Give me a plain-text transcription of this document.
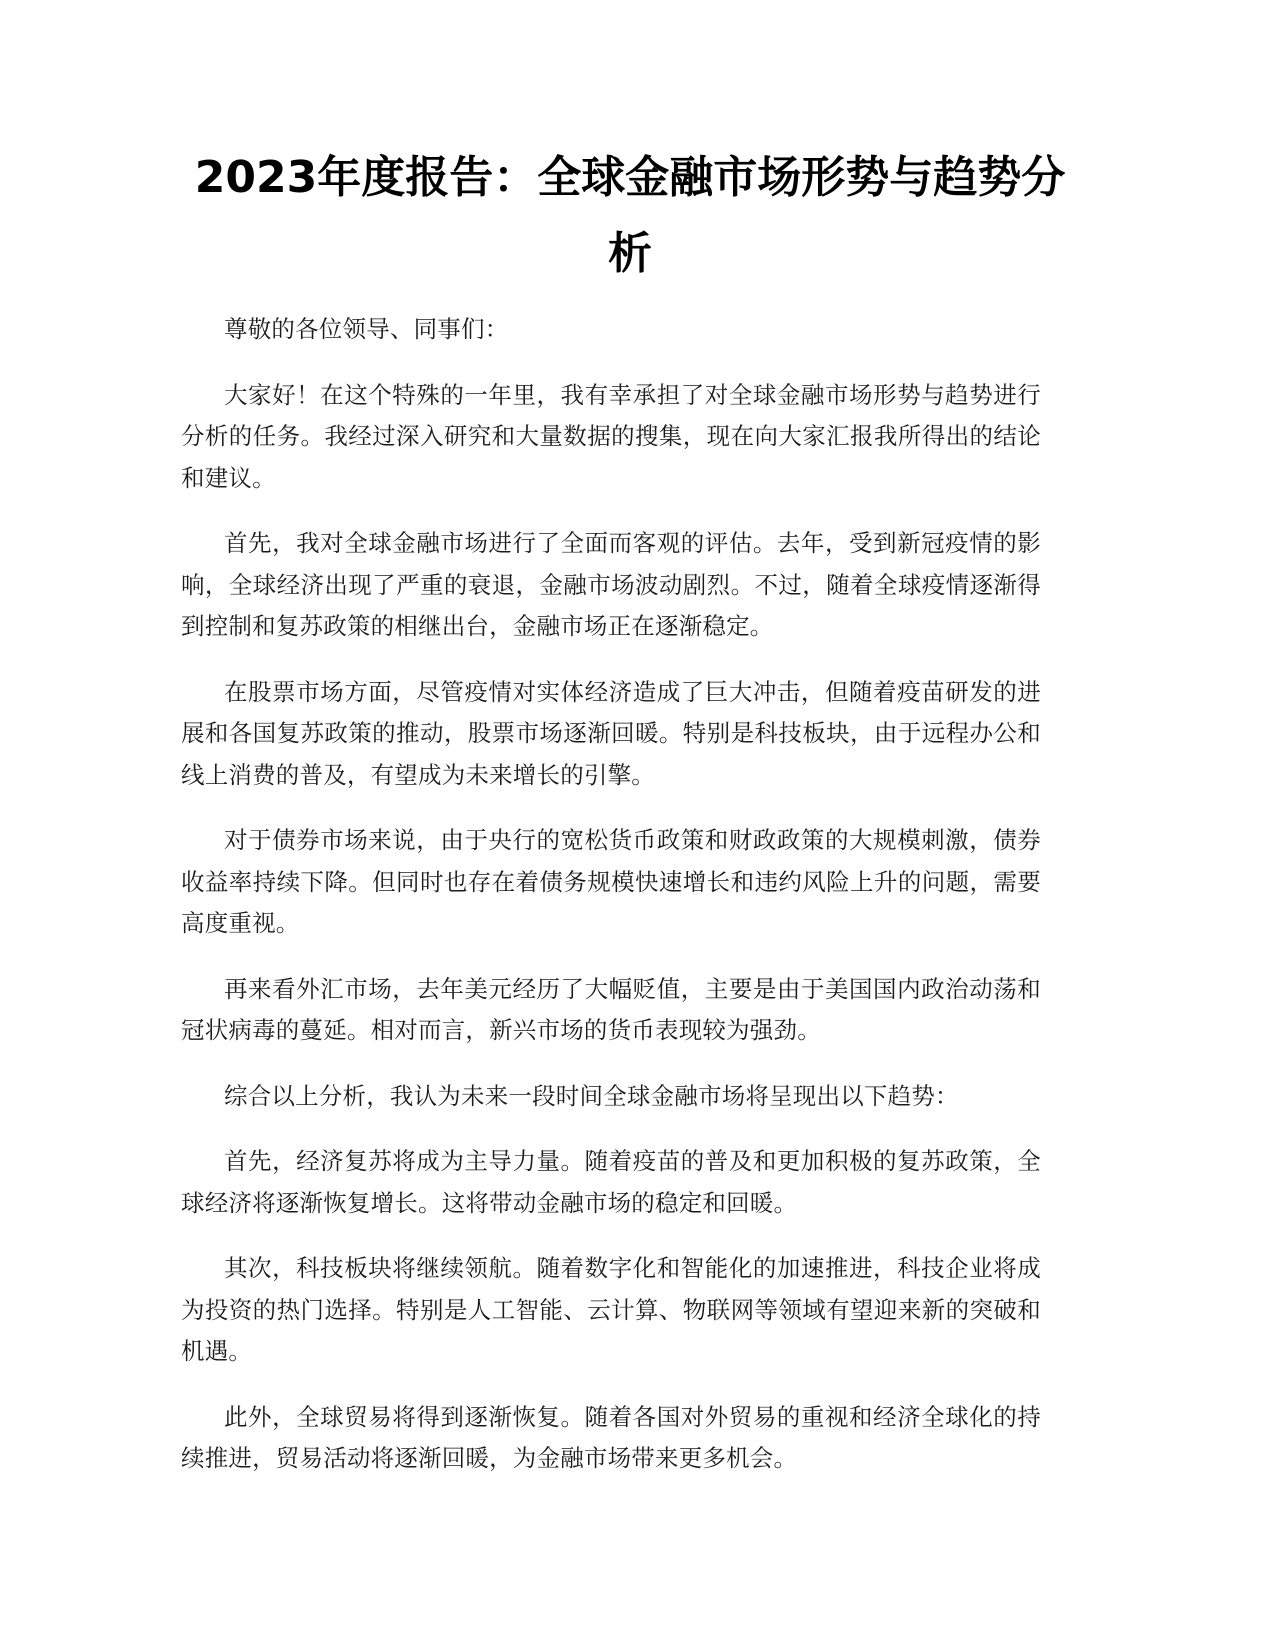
2023年度报告：全球金融市场形势与趋势分析

尊敬的各位领导、同事们：

大家好！在这个特殊的一年里，我有幸承担了对全球金融市场形势与趋势进行分析的任务。我经过深入研究和大量数据的搜集，现在向大家汇报我所得出的结论和建议。

首先，我对全球金融市场进行了全面而客观的评估。去年，受到新冠疫情的影响，全球经济出现了严重的衰退，金融市场波动剧烈。不过，随着全球疫情逐渐得到控制和复苏政策的相继出台，金融市场正在逐渐稳定。

在股票市场方面，尽管疫情对实体经济造成了巨大冲击，但随着疫苗研发的进展和各国复苏政策的推动，股票市场逐渐回暖。特别是科技板块，由于远程办公和线上消费的普及，有望成为未来增长的引擎。

对于债券市场来说，由于央行的宽松货币政策和财政政策的大规模刺激，债券收益率持续下降。但同时也存在着债务规模快速增长和违约风险上升的问题，需要高度重视。

再来看外汇市场，去年美元经历了大幅贬值，主要是由于美国国内政治动荡和冠状病毒的蔓延。相对而言，新兴市场的货币表现较为强劲。

综合以上分析，我认为未来一段时间全球金融市场将呈现出以下趋势：

首先，经济复苏将成为主导力量。随着疫苗的普及和更加积极的复苏政策，全球经济将逐渐恢复增长。这将带动金融市场的稳定和回暖。

其次，科技板块将继续领航。随着数字化和智能化的加速推进，科技企业将成为投资的热门选择。特别是人工智能、云计算、物联网等领域有望迎来新的突破和机遇。

此外，全球贸易将得到逐渐恢复。随着各国对外贸易的重视和经济全球化的持续推进，贸易活动将逐渐回暖，为金融市场带来更多机会。
